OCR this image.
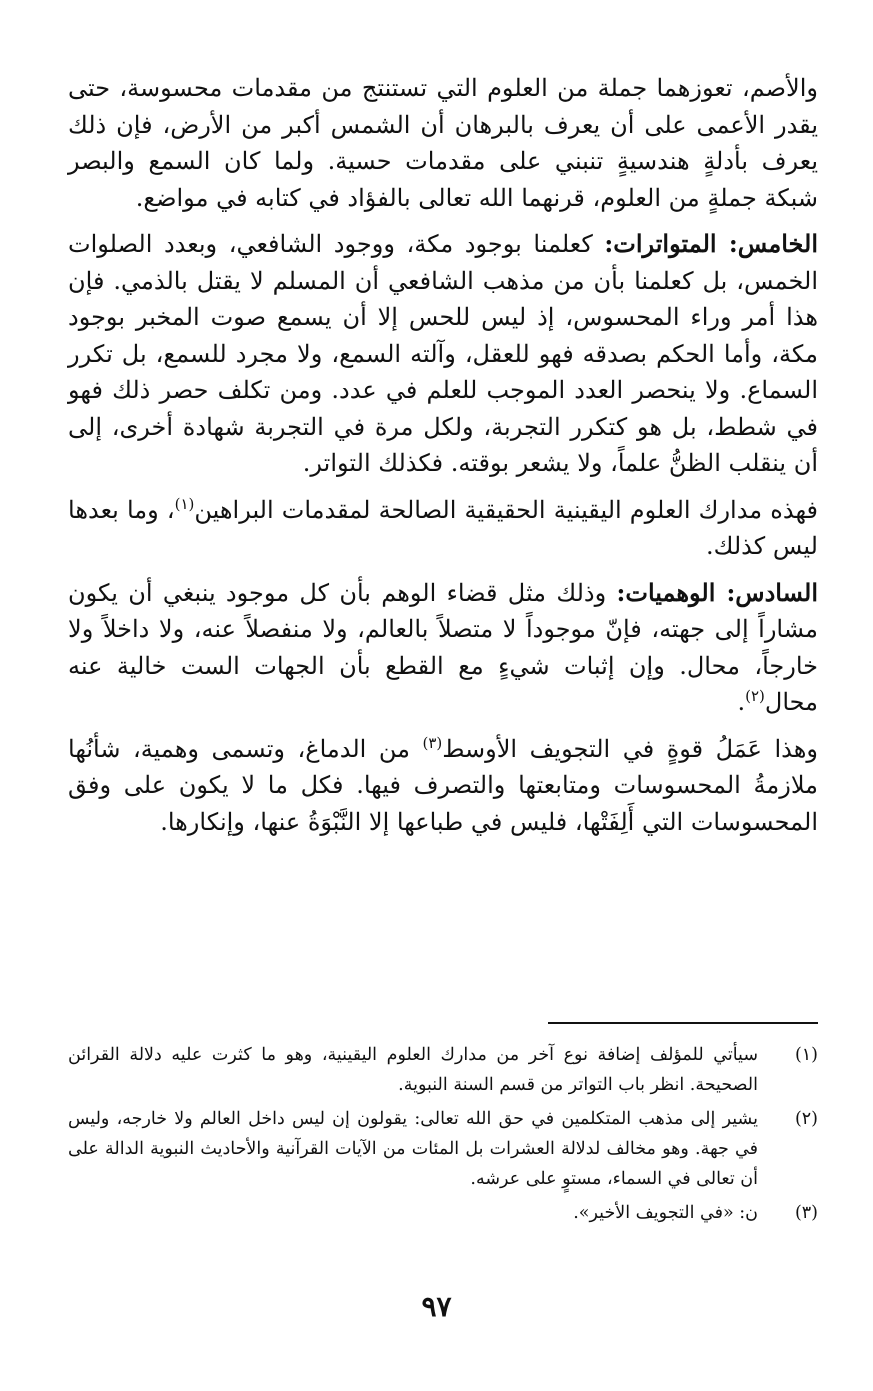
والأصم، تعوزهما جملة من العلوم التي تستنتج من مقدمات محسوسة، حتى يقدر الأعمى على أن يعرف بالبرهان أن الشمس أكبر من الأرض، فإن ذلك يعرف بأدلةٍ هندسيةٍ تنبني على مقدمات حسية. ولما كان السمع والبصر شبكة جملةٍ من العلوم، قرنهما الله تعالى بالفؤاد في كتابه في مواضع.

الخامس: المتواترات: كعلمنا بوجود مكة، ووجود الشافعي، وبعدد الصلوات الخمس، بل كعلمنا بأن من مذهب الشافعي أن المسلم لا يقتل بالذمي. فإن هذا أمر وراء المحسوس، إذ ليس للحس إلا أن يسمع صوت المخبر بوجود مكة، وأما الحكم بصدقه فهو للعقل، وآلته السمع، ولا مجرد للسمع، بل تكرر السماع. ولا ينحصر العدد الموجب للعلم في عدد. ومن تكلف حصر ذلك فهو في شطط، بل هو كتكرر التجربة، ولكل مرة في التجربة شهادة أخرى، إلى أن ينقلب الظنُّ علماً، ولا يشعر بوقته. فكذلك التواتر.

فهذه مدارك العلوم اليقينية الحقيقية الصالحة لمقدمات البراهين$^{(١)}$، وما بعدها ليس كذلك.

السادس: الوهميات: وذلك مثل قضاء الوهم بأن كل موجود ينبغي أن يكون مشاراً إلى جهته، فإنّ موجوداً لا متصلاً بالعالم، ولا منفصلاً عنه، ولا داخلاً ولا خارجاً، محال. وإن إثبات شيءٍ مع القطع بأن الجهات الست خالية عنه محال$^{(٢)}$.

وهذا عَمَلُ قوةٍ في التجويف الأوسط$^{(٣)}$ من الدماغ، وتسمى وهمية، شأنُها ملازمةُ المحسوسات ومتابعتها والتصرف فيها. فكل ما لا يكون على وفق المحسوسات التي أَلِفَتْها، فليس في طباعها إلا النَّبْوَةُ عنها، وإنكارها.

(١)
سيأتي للمؤلف إضافة نوع آخر من مدارك العلوم اليقينية، وهو ما كثرت عليه دلالة القرائن الصحيحة. انظر باب التواتر من قسم السنة النبوية.
(٢)
يشير إلى مذهب المتكلمين في حق الله تعالى: يقولون إن ليس داخل العالم ولا خارجه، وليس في جهة. وهو مخالف لدلالة العشرات بل المئات من الآيات القرآنية والأحاديث النبوية الدالة على أن تعالى في السماء، مستوٍ على عرشه.
(٣)
ن: «في التجويف الأخير».
٩٧
